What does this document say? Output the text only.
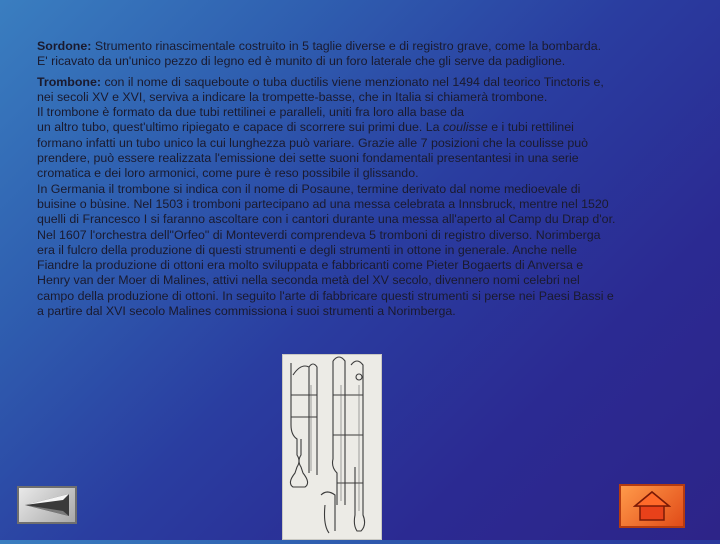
Sordone: Strumento rinascimentale costruito in 5 taglie diverse e di registro grave, come la bombarda.
E' ricavato da un'unico pezzo di legno ed è munito di un foro laterale che gli serve da padiglione.

Trombone: con il nome di saqueboute o tuba ductilis viene menzionato nel 1494 dal teorico Tinctoris e,
nei secoli XV e XVI, serviva a indicare la trompette-basse, che in Italia si chiamerà trombone.
Il trombone è formato da due tubi rettilinei e paralleli, uniti fra loro alla base da
un altro tubo, quest'ultimo ripiegato e capace di scorrere sui primi due. La coulisse e i tubi rettilinei
formano infatti un tubo unico la cui lunghezza può variare. Grazie alle 7 posizioni che la coulisse può
prendere, può essere realizzata l'emissione dei sette suoni fondamentali presentantesi in una serie
cromatica e dei loro armonici, come pure è reso possibile il glissando.
In Germania il trombone si indica con il nome di Posaune, termine derivato dal nome medioevale di
buisine o bùsine. Nel 1503 i tromboni partecipano ad una messa celebrata a Innsbruck, mentre nel 1520
quelli di Francesco I si faranno ascoltare con i cantori durante una messa all'aperto al Camp du Drap d'or.
Nel 1607 l'orchestra dell"Orfeo" di Monteverdi comprendeva 5 tromboni di registro diverso. Norimberga
era il fulcro della produzione di questi strumenti e degli strumenti in ottone in generale. Anche nelle
Fiandre la produzione di ottoni era molto sviluppata e fabbricanti come Pieter Bogaerts di Anversa e
Henry van der Moer di Malines, attivi nella seconda metà del XV secolo, divennero nomi celebri nel
campo della produzione di ottoni. In seguito l'arte di fabbricare questi strumenti si perse nei Paesi Bassi e
a partire dal XVI secolo Malines commissiona i suoi strumenti a Norimberga.
